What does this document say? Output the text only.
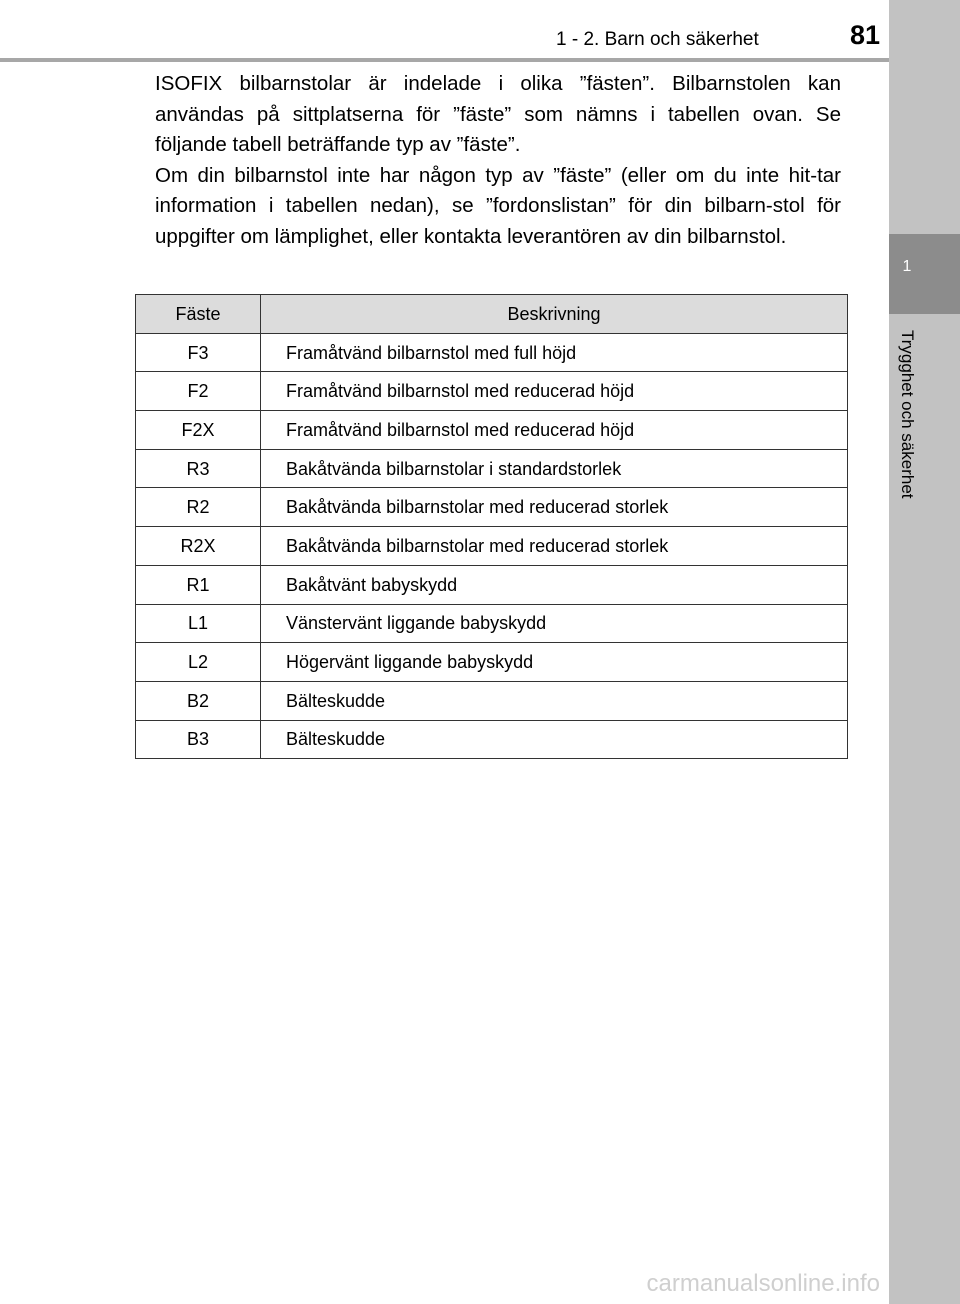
1
Trygghet och säkerhet
1 - 2. Barn och säkerhet	81

ISOFIX bilbarnstolar är indelade i olika ”fästen”. Bilbarnstolen kan användas på sittplatserna för ”fäste” som nämns i tabellen ovan. Se följande tabell beträffande typ av ”fäste”.

Om din bilbarnstol inte har någon typ av ”fäste” (eller om du inte hit-tar information i tabellen nedan), se ”fordonslistan” för din bilbarn-stol för uppgifter om lämplighet, eller kontakta leverantören av din bilbarnstol.

Fäste	Beskrivning
F3	Framåtvänd bilbarnstol med full höjd
F2	Framåtvänd bilbarnstol med reducerad höjd
F2X	Framåtvänd bilbarnstol med reducerad höjd
R3	Bakåtvända bilbarnstolar i standardstorlek
R2	Bakåtvända bilbarnstolar med reducerad storlek
R2X	Bakåtvända bilbarnstolar med reducerad storlek
R1	Bakåtvänt babyskydd
L1	Vänstervänt liggande babyskydd
L2	Högervänt liggande babyskydd
B2	Bälteskudde
B3	Bälteskudde
carmanualsonline.info
